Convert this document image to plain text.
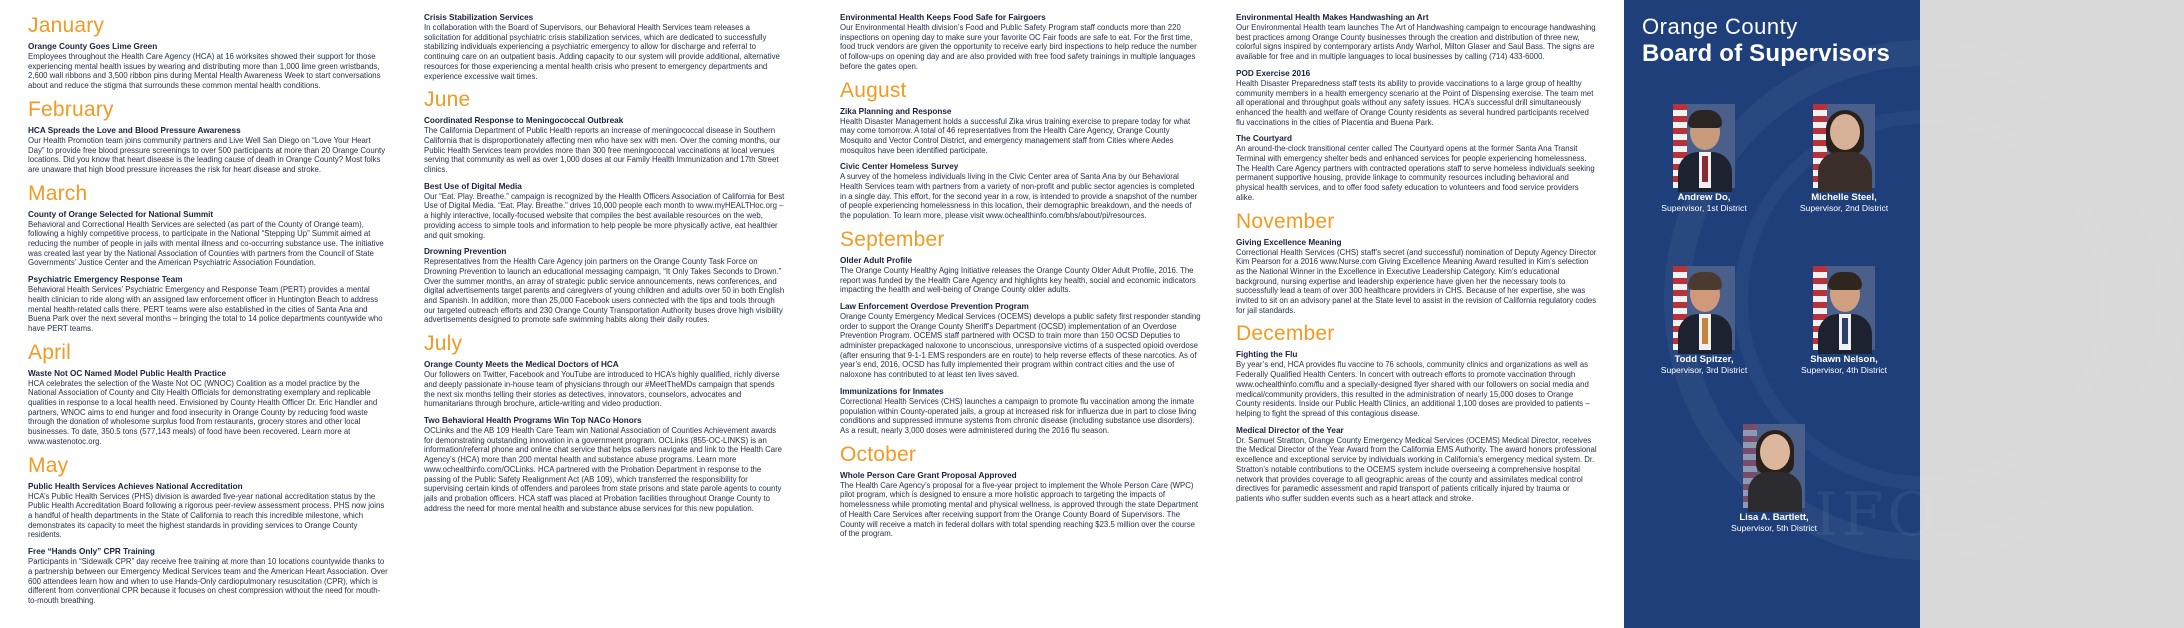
January
Orange County Goes Lime Green
Employees throughout the Health Care Agency (HCA) at 16 worksites showed their support for those experiencing mental health issues by wearing and distributing more than 1,000 lime green wristbands, 2,600 wall ribbons and 3,500 ribbon pins during Mental Health Awareness Week to start conversations about and reduce the stigma that surrounds these common mental health conditions.
February
HCA Spreads the Love and Blood Pressure Awareness
Our Health Promotion team joins community partners and Live Well San Diego on “Love Your Heart Day” to provide free blood pressure screenings to over 500 participants at more than 20 Orange County locations. Did you know that heart disease is the leading cause of death in Orange County? Most folks are unaware that high blood pressure increases the risk for heart disease and stroke.
March
County of Orange Selected for National Summit
Behavioral and Correctional Health Services are selected (as part of the County of Orange team), following a highly competitive process, to participate in the National “Stepping Up” Summit aimed at reducing the number of people in jails with mental illness and co-occurring substance use. The initiative was created last year by the National Association of Counties with partners from the Council of State Governments’ Justice Center and the American Psychiatric Association Foundation.
Psychiatric Emergency Response Team
Behavioral Health Services’ Psychiatric Emergency and Response Team (PERT) provides a mental health clinician to ride along with an assigned law enforcement officer in Huntington Beach to address mental health-related calls there. PERT teams were also established in the cities of Santa Ana and Buena Park over the next several months – bringing the total to 14 police departments countywide who have PERT teams.
April
Waste Not OC Named Model Public Health Practice
HCA celebrates the selection of the Waste Not OC (WNOC) Coalition as a model practice by the National Association of County and City Health Officials for demonstrating exemplary and replicable qualities in response to a local health need. Envisioned by County Health Officer Dr. Eric Handler and partners, WNOC aims to end hunger and food insecurity in Orange County by reducing food waste through the donation of wholesome surplus food from restaurants, grocery stores and other local businesses. To date, 350.5 tons (577,143 meals) of food have been recovered. Learn more at www.wastenotoc.org.
May
Public Health Services Achieves National Accreditation
HCA’s Public Health Services (PHS) division is awarded five-year national accreditation status by the Public Health Accreditation Board following a rigorous peer-review assessment process. PHS now joins a handful of health departments in the State of California to reach this incredible milestone, which demonstrates its capacity to meet the highest standards in providing services to Orange County residents.
Free “Hands Only” CPR Training
Participants in “Sidewalk CPR” day receive free training at more than 10 locations countywide thanks to a partnership between our Emergency Medical Services team and the American Heart Association. Over 600 attendees learn how and when to use Hands-Only cardiopulmonary resuscitation (CPR), which is different from conventional CPR because it focuses on chest compression without the need for mouth-to-mouth breathing.
Crisis Stabilization Services
In collaboration with the Board of Supervisors, our Behavioral Health Services team releases a solicitation for additional psychiatric crisis stabilization services, which are dedicated to successfully stabilizing individuals experiencing a psychiatric emergency to allow for discharge and referral to continuing care on an outpatient basis. Adding capacity to our system will provide additional, alternative resources for those experiencing a mental health crisis who present to emergency departments and experience excessive wait times.
June
Coordinated Response to Meningococcal Outbreak
The California Department of Public Health reports an increase of meningococcal disease in Southern California that is disproportionately affecting men who have sex with men. Over the coming months, our Public Health Services team provides more than 300 free meningococcal vaccinations at local venues serving that community as well as over 1,000 doses at our Family Health Immunization and 17th Street clinics.
Best Use of Digital Media
Our “Eat. Play. Breathe.” campaign is recognized by the Health Officers Association of California for Best Use of Digital Media. “Eat. Play. Breathe.” drives 10,000 people each month to www.myHEALTHoc.org – a highly interactive, locally-focused website that compiles the best available resources on the web, providing access to simple tools and information to help people be more physically active, eat healthier and quit smoking.
Drowning Prevention
Representatives from the Health Care Agency join partners on the Orange County Task Force on Drowning Prevention to launch an educational messaging campaign, “It Only Takes Seconds to Drown.” Over the summer months, an array of strategic public service announcements, news conferences, and digital advertisements target parents and caregivers of young children and adults over 50 in both English and Spanish. In addition, more than 25,000 Facebook users connected with the tips and tools through our targeted outreach efforts and 230 Orange County Transportation Authority buses drove high visibility advertisements designed to promote safe swimming habits along their daily routes.
July
Orange County Meets the Medical Doctors of HCA
Our followers on Twitter, Facebook and YouTube are introduced to HCA’s highly qualified, richly diverse and deeply passionate in-house team of physicians through our #MeetTheMDs campaign that spends the next six months telling their stories as detectives, innovators, counselors, advocates and humanitarians through brochure, article-writing and video production.
Two Behavioral Health Programs Win Top NACo Honors
OCLinks and the AB 109 Health Care Team win National Association of Counties Achievement awards for demonstrating outstanding innovation in a government program. OCLinks (855-OC-LINKS) is an information/referral phone and online chat service that helps callers navigate and link to the Health Care Agency’s (HCA) more than 200 mental health and substance abuse programs. Learn more www.ochealthinfo.com/OCLinks. HCA partnered with the Probation Department in response to the passing of the Public Safety Realignment Act (AB 109), which transferred the responsibility for supervising certain kinds of offenders and parolees from state prisons and state parole agents to county jails and probation officers. HCA staff was placed at Probation facilities throughout Orange County to address the need for more mental health and substance abuse services for this new population.
Environmental Health Keeps Food Safe for Fairgoers
Our Environmental Health division’s Food and Public Safety Program staff conducts more than 220 inspections on opening day to make sure your favorite OC Fair foods are safe to eat. For the first time, food truck vendors are given the opportunity to receive early bird inspections to help reduce the number of follow-ups on opening day and are also provided with free food safety trainings in multiple languages before the gates open.
August
Zika Planning and Response
Health Disaster Management holds a successful Zika virus training exercise to prepare today for what may come tomorrow. A total of 46 representatives from the Health Care Agency, Orange County Mosquito and Vector Control District, and emergency management staff from Cities where Aedes mosquitos have been identified participate.
Civic Center Homeless Survey
A survey of the homeless individuals living in the Civic Center area of Santa Ana by our Behavioral Health Services team with partners from a variety of non-profit and public sector agencies is completed in a single day. This effort, for the second year in a row, is intended to provide a snapshot of the number of people experiencing homelessness in this location, their demographic breakdown, and the needs of the population. To learn more, please visit www.ochealthinfo.com/bhs/about/pi/resources.
September
Older Adult Profile
The Orange County Healthy Aging Initiative releases the Orange County Older Adult Profile, 2016. The report was funded by the Health Care Agency and highlights key health, social and economic indicators impacting the health and well-being of Orange County older adults.
Law Enforcement Overdose Prevention Program
Orange County Emergency Medical Services (OCEMS) develops a public safety first responder standing order to support the Orange County Sheriff’s Department (OCSD) implementation of an Overdose Prevention Program. OCEMS staff partnered with OCSD to train more than 150 OCSD Deputies to administer prepackaged naloxone to unconscious, unresponsive victims of a suspected opioid overdose (after ensuring that 9-1-1 EMS responders are en route) to help reverse effects of these narcotics. As of year’s end, 2016, OCSD has fully implemented their program within contract cities and the use of naloxone has contributed to at least ten lives saved.
Immunizations for Inmates
Correctional Health Services (CHS) launches a campaign to promote flu vaccination among the inmate population within County-operated jails, a group at increased risk for influenza due in part to close living conditions and suppressed immune systems from chronic disease (including substance use disorders). As a result, nearly 3,000 doses were administered during the 2016 flu season.
October
Whole Person Care Grant Proposal Approved
The Health Care Agency’s proposal for a five-year project to implement the Whole Person Care (WPC) pilot program, which is designed to ensure a more holistic approach to targeting the impacts of homelessness while promoting mental and physical wellness, is approved through the state Department of Health Care Services after receiving support from the Orange County Board of Supervisors. The County will receive a match in federal dollars with total spending reaching $23.5 million over the course of the program.
Environmental Health Makes Handwashing an Art
Our Environmental Health team launches The Art of Handwashing campaign to encourage handwashing best practices among Orange County businesses through the creation and distribution of three new, colorful signs inspired by contemporary artists Andy Warhol, Milton Glaser and Saul Bass. The signs are available for free and in multiple languages to local businesses by calling (714) 433-6000.
POD Exercise 2016
Health Disaster Preparedness staff tests its ability to provide vaccinations to a large group of healthy community members in a health emergency scenario at the Point of Dispensing exercise. The team met all operational and throughput goals without any safety issues. HCA’s successful drill simultaneously enhanced the health and welfare of Orange County residents as several hundred participants received flu vaccinations in the cities of Placentia and Buena Park.
The Courtyard
An around-the-clock transitional center called The Courtyard opens at the former Santa Ana Transit Terminal with emergency shelter beds and enhanced services for people experiencing homelessness. The Health Care Agency partners with contracted operations staff to serve homeless individuals seeking permanent supportive housing, provide linkage to community resources including behavioral and physical health services, and to offer food safety education to volunteers and food service providers alike.
November
Giving Excellence Meaning
Correctional Health Services (CHS) staff’s secret (and successful) nomination of Deputy Agency Director Kim Pearson for a 2016 www.Nurse.com Giving Excellence Meaning Award resulted in Kim’s selection as the National Winner in the Excellence in Executive Leadership Category. Kim’s educational background, nursing expertise and leadership experience have given her the necessary tools to successfully lead a team of over 300 healthcare providers in CHS. Because of her expertise, she was invited to sit on an advisory panel at the State level to assist in the revision of California regulatory codes for jail standards.
December
Fighting the Flu
By year’s end, HCA provides flu vaccine to 76 schools, community clinics and organizations as well as Federally Qualified Health Centers. In concert with outreach efforts to promote vaccination through www.ochealthinfo.com/flu and a specially-designed flyer shared with our followers on social media and medical/community providers, this resulted in the administration of nearly 15,000 doses to Orange County residents. Inside our Public Health Clinics, an additional 1,100 doses are provided to patients – helping to fight the spread of this contagious disease.
Medical Director of the Year
Dr. Samuel Stratton, Orange County Emergency Medical Services (OCEMS) Medical Director, receives the Medical Director of the Year Award from the California EMS Authority. The award honors professional excellence and exceptional service by individuals working in California’s emergency medical system. Dr. Stratton’s notable contributions to the OCEMS system include overseeing a comprehensive hospital network that provides coverage to all geographic areas of the county and assimilates medical control directives for paramedic assessment and rapid transport of patients critically injured by trauma or patients who suffer sudden events such as a heart attack and stroke.	IFO
Orange County
Board of Supervisors
Andrew Do,
Supervisor, 1st District
Michelle Steel,
Supervisor, 2nd District
Todd Spitzer,
Supervisor, 3rd District
Shawn Nelson,
Supervisor, 4th District
Lisa A. Bartlett,
Supervisor, 5th District
